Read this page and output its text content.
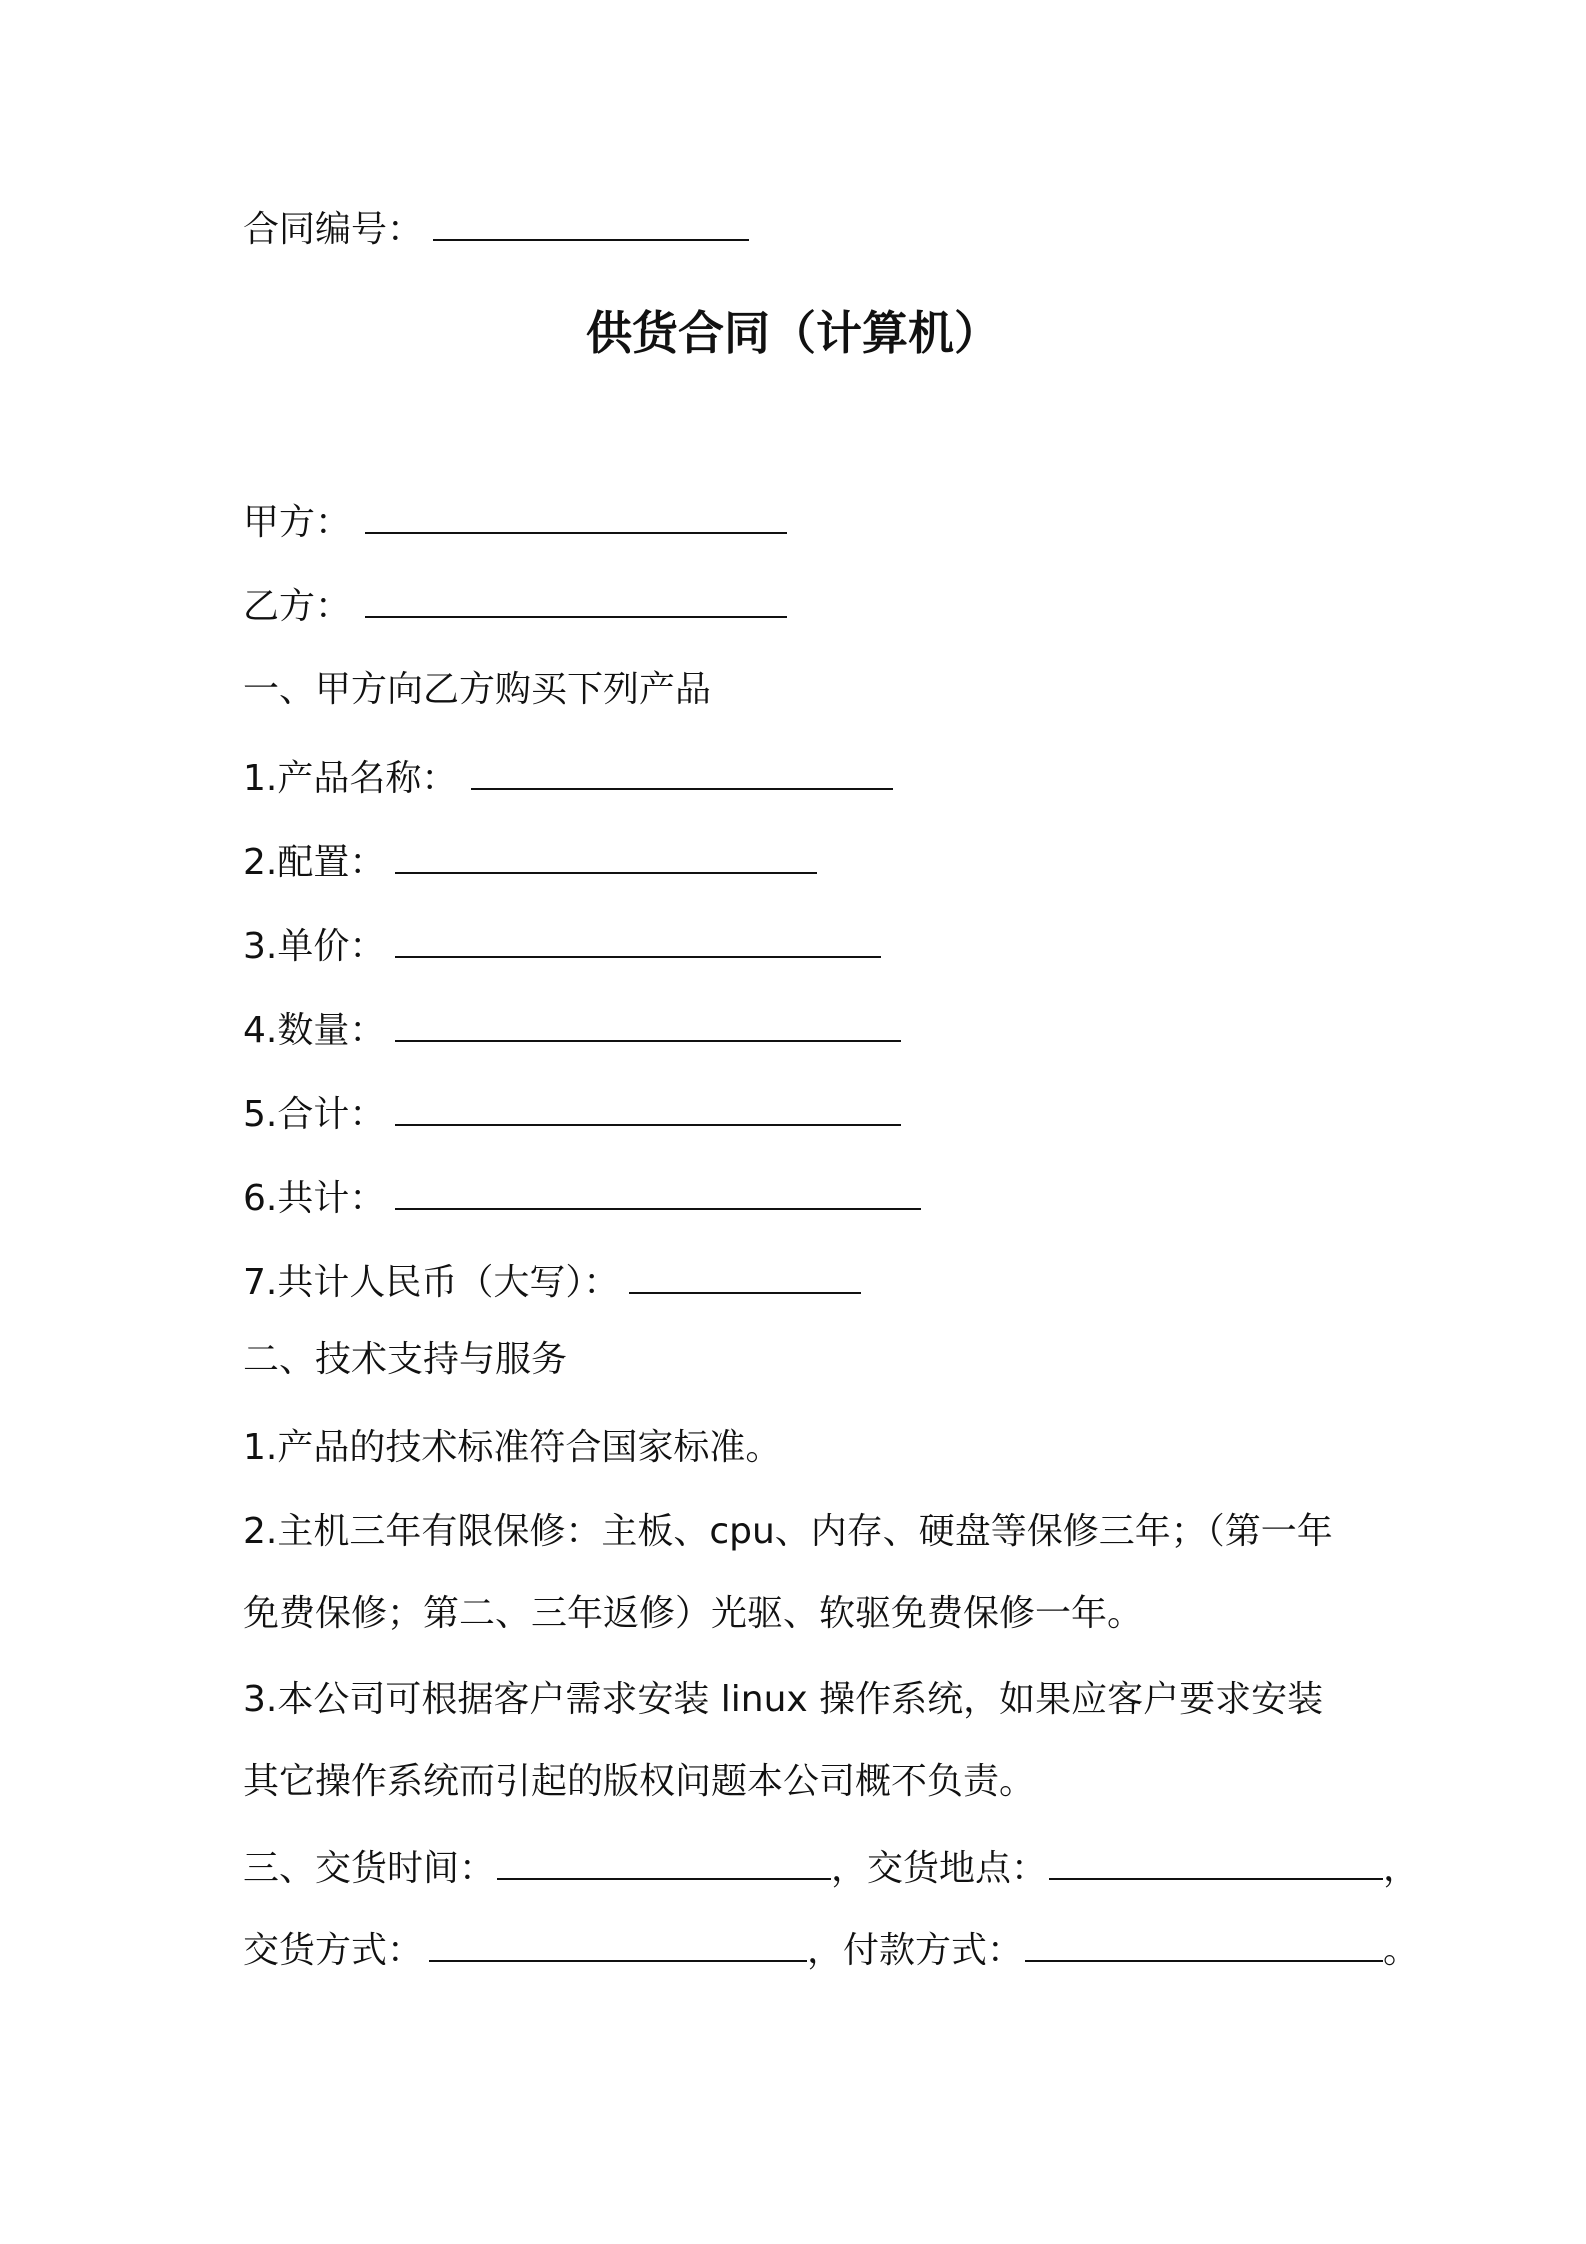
合同编号：
供货合同（计算机）
甲方：
乙方：
一、甲方向乙方购买下列产品
1.产品名称：
2.配置：
3.单价：
4.数量：
5.合计：
6.共计：
7.共计人民币（大写）：
二、技术支持与服务
1.产品的技术标准符合国家标准。
2.主机三年有限保修：主板、cpu、内存、硬盘等保修三年；（第一年
免费保修；第二、三年返修）光驱、软驱免费保修一年。
3.本公司可根据客户需求安装 linux 操作系统，如果应客户要求安装
其它操作系统而引起的版权问题本公司概不负责。
三、交货时间：	，交货地点：	，
交货方式：	，付款方式：	。
